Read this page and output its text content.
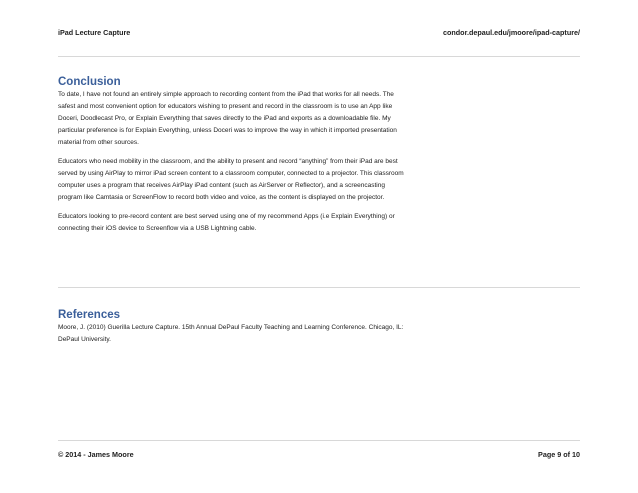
iPad Lecture Capture	condor.depaul.edu/jmoore/ipad-capture/
Conclusion

To date, I have not found an entirely simple approach to recording content from the iPad that works for all needs. The safest and most convenient option for educators wishing to present and record in the classroom is to use an App like Doceri, Doodlecast Pro, or Explain Everything that saves directly to the iPad and exports as a downloadable file. My particular preference is for Explain Everything, unless Doceri was to improve the way in which it imported presentation material from other sources.

Educators who need mobility in the classroom, and the ability to present and record “anything” from their iPad are best served by using AirPlay to mirror iPad screen content to a classroom computer, connected to a projector. This classroom computer uses a program that receives AirPlay iPad content (such as AirServer or Reflector), and a screencasting program like Camtasia or ScreenFlow to record both video and voice, as the content is displayed on the projector.

Educators looking to pre-record content are best served using one of my recommend Apps (i.e Explain Everything) or connecting their iOS device to Screenflow via a USB Lightning cable.

References

Moore, J. (2010) Guerilla Lecture Capture. 15th Annual DePaul Faculty Teaching and Learning Conference. Chicago, IL: DePaul University.

© 2014 - James Moore	Page 9 of 10
